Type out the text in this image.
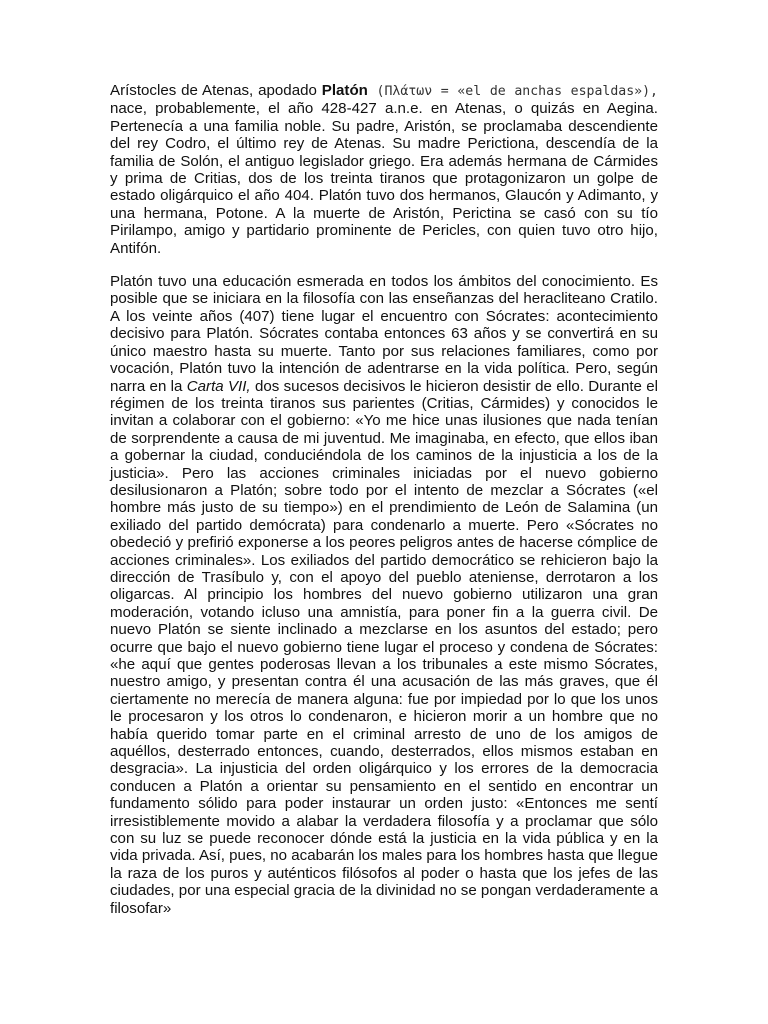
Arístocles de Atenas, apodado Platón (Πλάτων = «el de anchas espaldas»), nace, probablemente, el año 428-427 a.n.e. en Atenas, o quizás en Aegina. Pertenecía a una familia noble. Su padre, Aristón, se proclamaba descendiente del rey Codro, el último rey de Atenas. Su madre Perictiona, descendía de la familia de Solón, el antiguo legislador griego. Era además hermana de Cármides y prima de Critias, dos de los treinta tiranos que protagonizaron un golpe de estado oligárquico el año 404. Platón tuvo dos hermanos, Glaucón y Adimanto, y una hermana, Potone. A la muerte de Aristón, Perictina se casó con su tío Pirilampo, amigo y partidario prominente de Pericles, con quien tuvo otro hijo, Antifón.

Platón tuvo una educación esmerada en todos los ámbitos del conocimiento. Es posible que se iniciara en la filosofía con las enseñanzas del heracliteano Cratilo. A los veinte años (407) tiene lugar el encuentro con Sócrates: acontecimiento decisivo para Platón. Sócrates contaba entonces 63 años y se convertirá en su único maestro hasta su muerte. Tanto por sus relaciones familiares, como por vocación, Platón tuvo la intención de adentrarse en la vida política. Pero, según narra en la Carta VII, dos sucesos decisivos le hicieron desistir de ello. Durante el régimen de los treinta tiranos sus parientes (Critias, Cármides) y conocidos le invitan a colaborar con el gobierno: «Yo me hice unas ilusiones que nada tenían de sorprendente a causa de mi juventud. Me imaginaba, en efecto, que ellos iban a gobernar la ciudad, conduciéndola de los caminos de la injusticia a los de la justicia». Pero las acciones criminales iniciadas por el nuevo gobierno desilusionaron a Platón; sobre todo por el intento de mezclar a Sócrates («el hombre más justo de su tiempo») en el prendimiento de León de Salamina (un exiliado del partido demócrata) para condenarlo a muerte. Pero «Sócrates no obedeció y prefirió exponerse a los peores peligros antes de hacerse cómplice de acciones criminales». Los exiliados del partido democrático se rehicieron bajo la dirección de Trasíbulo y, con el apoyo del pueblo ateniense, derrotaron a los oligarcas. Al principio los hombres del nuevo gobierno utilizaron una gran moderación, votando icluso una amnistía, para poner fin a la guerra civil. De nuevo Platón se siente inclinado a mezclarse en los asuntos del estado; pero ocurre que bajo el nuevo gobierno tiene lugar el proceso y condena de Sócrates: «he aquí que gentes poderosas llevan a los tribunales a este mismo Sócrates, nuestro amigo, y presentan contra él una acusación de las más graves, que él ciertamente no merecía de manera alguna: fue por impiedad por lo que los unos le procesaron y los otros lo condenaron, e hicieron morir a un hombre que no había querido tomar parte en el criminal arresto de uno de los amigos de aquéllos, desterrado entonces, cuando, desterrados, ellos mismos estaban en desgracia». La injusticia del orden oligárquico y los errores de la democracia conducen a Platón a orientar su pensamiento en el sentido en encontrar un fundamento sólido para poder instaurar un orden justo: «Entonces me sentí irresistiblemente movido a alabar la verdadera filosofía y a proclamar que sólo con su luz se puede reconocer dónde está la justicia en la vida pública y en la vida privada. Así, pues, no acabarán los males para los hombres hasta que llegue la raza de los puros y auténticos filósofos al poder o hasta que los jefes de las ciudades, por una especial gracia de la divinidad no se pongan verdaderamente a filosofar»
